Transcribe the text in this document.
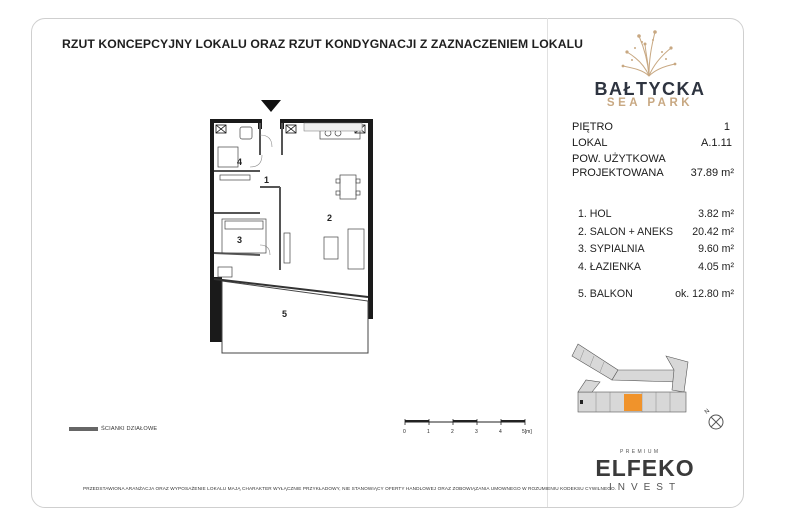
RZUT KONCEPCYJNY LOKALU ORAZ RZUT KONDYGNACJI Z ZAZNACZENIEM LOKALU
BAŁTYCKA
SEA PARK
PIĘTRO	1
LOKAL	A.1.11
POW. UŻYTKOWA
PROJEKTOWANA 37.89 m²
1. HOL	3.82 m²
2. SALON + ANEKS 20.42 m²
3. SYPIALNIA	9.60 m²
4. ŁAZIENKA	4.05 m²
5. BALKON	ok. 12.80 m²
1
2
3
4
5
ŚCIANKI DZIAŁOWE	0	1	2	3	4	5[m]
N
PREMIUM
ELFEKO
INVEST
PRZEDSTAWIONA ARANŻACJA ORAZ WYPOSAŻENIE LOKALU MAJĄ CHARAKTER WYŁĄCZNIE PRZYKŁADOWY, NIE STANOWIĄCY OFERTY HANDLOWEJ ORAZ ZOBOWIĄZANIA UMOWNEGO W ROZUMIENIU KODEKSU CYWILNEGO.
